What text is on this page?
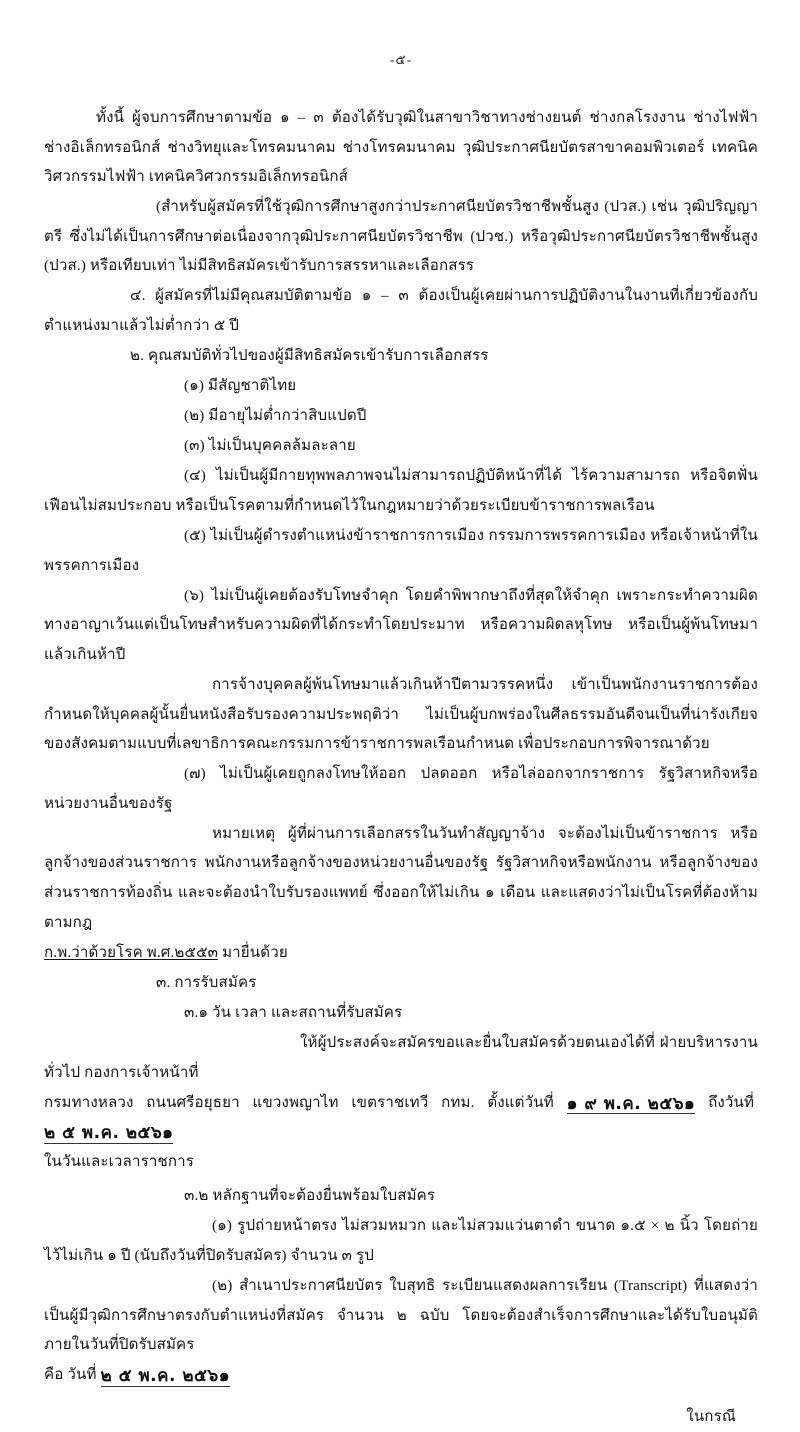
-๕-

ทั้งนี้ ผู้จบการศึกษาตามข้อ ๑ – ๓ ต้องได้รับวุฒิในสาขาวิชาทางช่างยนต์ ช่างกลโรงงาน ช่างไฟฟ้า ช่างอิเล็กทรอนิกส์ ช่างวิทยุและโทรคมนาคม ช่างโทรคมนาคม วุฒิประกาศนียบัตรสาขาคอมพิวเตอร์ เทคนิควิศวกรรมไฟฟ้า เทคนิควิศวกรรมอิเล็กทรอนิกส์

(สำหรับผู้สมัครที่ใช้วุฒิการศึกษาสูงกว่าประกาศนียบัตรวิชาชีพชั้นสูง (ปวส.) เช่น วุฒิปริญญาตรี ซึ่งไม่ได้เป็นการศึกษาต่อเนื่องจากวุฒิประกาศนียบัตรวิชาชีพ (ปวช.) หรือวุฒิประกาศนียบัตรวิชาชีพชั้นสูง (ปวส.) หรือเทียบเท่า ไม่มีสิทธิสมัครเข้ารับการสรรหาและเลือกสรร

๔. ผู้สมัครที่ไม่มีคุณสมบัติตามข้อ ๑ – ๓ ต้องเป็นผู้เคยผ่านการปฏิบัติงานในงานที่เกี่ยวข้องกับตำแหน่งมาแล้วไม่ต่ำกว่า ๕ ปี

๒. คุณสมบัติทั่วไปของผู้มีสิทธิสมัครเข้ารับการเลือกสรร

(๑) มีสัญชาติไทย

(๒) มีอายุไม่ต่ำกว่าสิบแปดปี

(๓) ไม่เป็นบุคคลล้มละลาย

(๔) ไม่เป็นผู้มีกายทุพพลภาพจนไม่สามารถปฏิบัติหน้าที่ได้ ไร้ความสามารถ หรือจิตฟั่นเฟือนไม่สมประกอบ หรือเป็นโรคตามที่กำหนดไว้ในกฎหมายว่าด้วยระเบียบข้าราชการพลเรือน

(๕) ไม่เป็นผู้ดำรงตำแหน่งข้าราชการการเมือง กรรมการพรรคการเมือง หรือเจ้าหน้าที่ในพรรคการเมือง

(๖) ไม่เป็นผู้เคยต้องรับโทษจำคุก โดยคำพิพากษาถึงที่สุดให้จำคุก เพราะกระทำความผิดทางอาญาเว้นแต่เป็นโทษสำหรับความผิดที่ได้กระทำโดยประมาท หรือความผิดลหุโทษ หรือเป็นผู้พ้นโทษมาแล้วเกินห้าปี

การจ้างบุคคลผู้พ้นโทษมาแล้วเกินห้าปีตามวรรคหนึ่ง เข้าเป็นพนักงานราชการต้องกำหนดให้บุคคลผู้นั้นยื่นหนังสือรับรองความประพฤติว่า ไม่เป็นผู้บกพร่องในศีลธรรมอันดีจนเป็นที่น่ารังเกียจของสังคมตามแบบที่เลขาธิการคณะกรรมการข้าราชการพลเรือนกำหนด เพื่อประกอบการพิจารณาด้วย

(๗) ไม่เป็นผู้เคยถูกลงโทษให้ออก ปลดออก หรือไล่ออกจากราชการ รัฐวิสาหกิจหรือ หน่วยงานอื่นของรัฐ

หมายเหตุ ผู้ที่ผ่านการเลือกสรรในวันทำสัญญาจ้าง จะต้องไม่เป็นข้าราชการ หรือลูกจ้างของส่วนราชการ พนักงานหรือลูกจ้างของหน่วยงานอื่นของรัฐ รัฐวิสาหกิจหรือพนักงาน หรือลูกจ้างของส่วนราชการท้องถิ่น และจะต้องนำใบรับรองแพทย์ ซึ่งออกให้ไม่เกิน ๑ เดือน และแสดงว่าไม่เป็นโรคที่ต้องห้ามตามกฎ

ก.พ.ว่าด้วยโรค พ.ศ.๒๕๕๓ มายื่นด้วย

๓. การรับสมัคร

๓.๑ วัน เวลา และสถานที่รับสมัคร

ให้ผู้ประสงค์จะสมัครขอและยื่นใบสมัครด้วยตนเองได้ที่ ฝ่ายบริหารงานทั่วไป กองการเจ้าหน้าที่

กรมทางหลวง ถนนศรีอยุธยา แขวงพญาไท เขตราชเทวี กทม. ตั้งแต่วันที่ ๑ ๙ พ.ค. ๒๕๖๑ ถึงวันที่ ๒ ๕ พ.ค. ๒๕๖๑

ในวันและเวลาราชการ

๓.๒ หลักฐานที่จะต้องยื่นพร้อมใบสมัคร

(๑) รูปถ่ายหน้าตรง ไม่สวมหมวก และไม่สวมแว่นตาดำ ขนาด ๑.๕ × ๒ นิ้ว โดยถ่ายไว้ไม่เกิน ๑ ปี (นับถึงวันที่ปิดรับสมัคร) จำนวน ๓ รูป

(๒) สำเนาประกาศนียบัตร ใบสุทธิ ระเบียนแสดงผลการเรียน (Transcript) ที่แสดงว่าเป็นผู้มีวุฒิการศึกษาตรงกับตำแหน่งที่สมัคร จำนวน ๒ ฉบับ โดยจะต้องสำเร็จการศึกษาและได้รับใบอนุมัติภายในวันที่ปิดรับสมัคร

คือ วันที่ ๒ ๕ พ.ค. ๒๕๖๑

ในกรณี
